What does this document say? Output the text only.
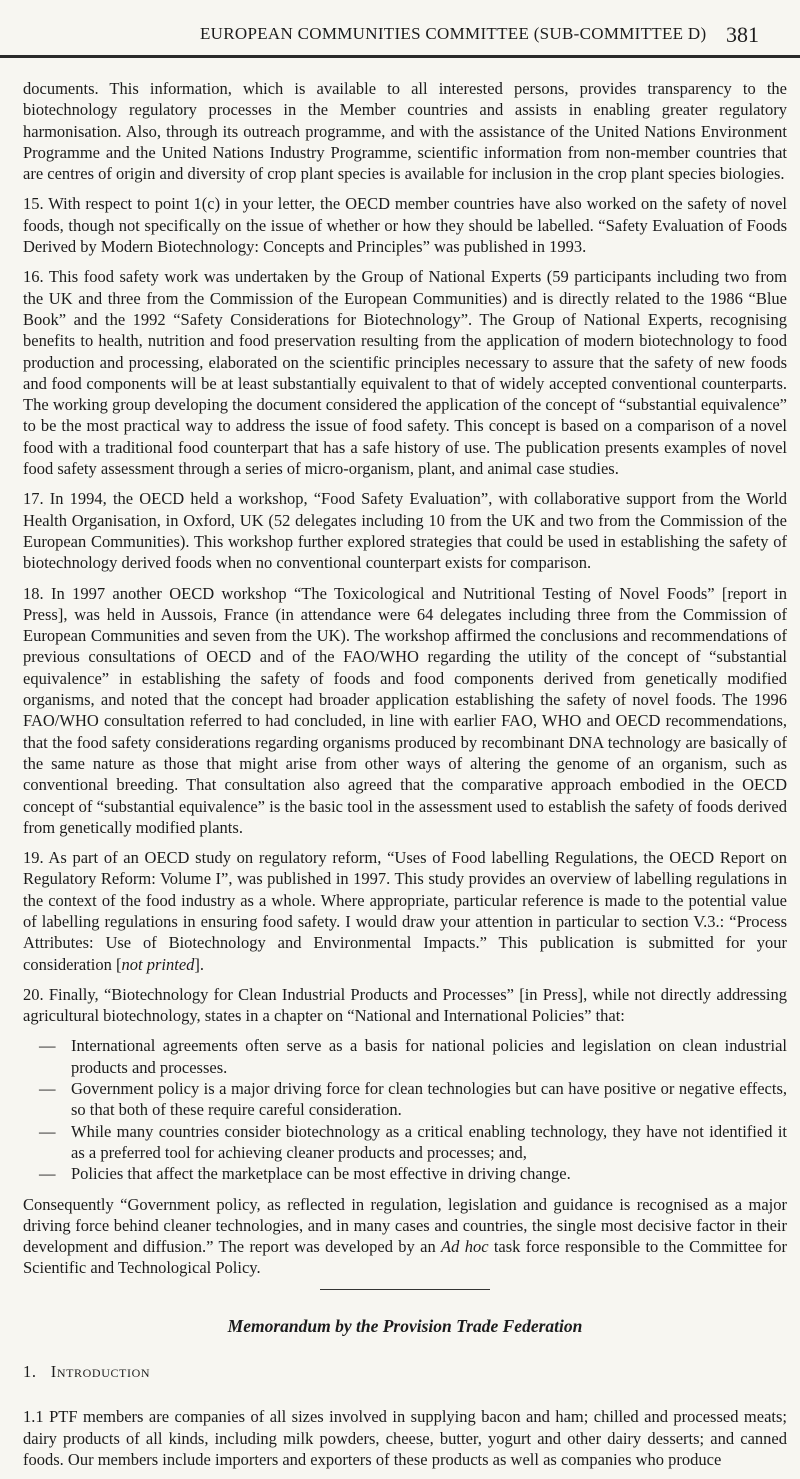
EUROPEAN COMMUNITIES COMMITTEE (SUB-COMMITTEE D) 381

documents. This information, which is available to all interested persons, provides transparency to the biotechnology regulatory processes in the Member countries and assists in enabling greater regulatory harmonisation. Also, through its outreach programme, and with the assistance of the United Nations Environment Programme and the United Nations Industry Programme, scientific information from non-member countries that are centres of origin and diversity of crop plant species is available for inclusion in the crop plant species biologies.

15. With respect to point 1(c) in your letter, the OECD member countries have also worked on the safety of novel foods, though not specifically on the issue of whether or how they should be labelled. “Safety Evaluation of Foods Derived by Modern Biotechnology: Concepts and Principles” was published in 1993.

16. This food safety work was undertaken by the Group of National Experts (59 participants including two from the UK and three from the Commission of the European Communities) and is directly related to the 1986 “Blue Book” and the 1992 “Safety Considerations for Biotechnology”. The Group of National Experts, recognising benefits to health, nutrition and food preservation resulting from the application of modern biotechnology to food production and processing, elaborated on the scientific principles necessary to assure that the safety of new foods and food components will be at least substantially equivalent to that of widely accepted conventional counterparts. The working group developing the document considered the application of the concept of “substantial equivalence” to be the most practical way to address the issue of food safety. This concept is based on a comparison of a novel food with a traditional food counterpart that has a safe history of use. The publication presents examples of novel food safety assessment through a series of micro-organism, plant, and animal case studies.

17. In 1994, the OECD held a workshop, “Food Safety Evaluation”, with collaborative support from the World Health Organisation, in Oxford, UK (52 delegates including 10 from the UK and two from the Commission of the European Communities). This workshop further explored strategies that could be used in establishing the safety of biotechnology derived foods when no conventional counterpart exists for comparison.

18. In 1997 another OECD workshop “The Toxicological and Nutritional Testing of Novel Foods” [report in Press], was held in Aussois, France (in attendance were 64 delegates including three from the Commission of European Communities and seven from the UK). The workshop affirmed the conclusions and recommendations of previous consultations of OECD and of the FAO/WHO regarding the utility of the concept of “substantial equivalence” in establishing the safety of foods and food components derived from genetically modified organisms, and noted that the concept had broader application establishing the safety of novel foods. The 1996 FAO/WHO consultation referred to had concluded, in line with earlier FAO, WHO and OECD recommendations, that the food safety considerations regarding organisms produced by recombinant DNA technology are basically of the same nature as those that might arise from other ways of altering the genome of an organism, such as conventional breeding. That consultation also agreed that the comparative approach embodied in the OECD concept of “substantial equivalence” is the basic tool in the assessment used to establish the safety of foods derived from genetically modified plants.

19. As part of an OECD study on regulatory reform, “Uses of Food labelling Regulations, the OECD Report on Regulatory Reform: Volume I”, was published in 1997. This study provides an overview of labelling regulations in the context of the food industry as a whole. Where appropriate, particular reference is made to the potential value of labelling regulations in ensuring food safety. I would draw your attention in particular to section V.3.: “Process Attributes: Use of Biotechnology and Environmental Impacts.” This publication is submitted for your consideration [not printed].

20. Finally, “Biotechnology for Clean Industrial Products and Processes” [in Press], while not directly addressing agricultural biotechnology, states in a chapter on “National and International Policies” that:

— International agreements often serve as a basis for national policies and legislation on clean industrial products and processes.
— Government policy is a major driving force for clean technologies but can have positive or negative effects, so that both of these require careful consideration.
— While many countries consider biotechnology as a critical enabling technology, they have not identified it as a preferred tool for achieving cleaner products and processes; and,
— Policies that affect the marketplace can be most effective in driving change.

Consequently “Government policy, as reflected in regulation, legislation and guidance is recognised as a major driving force behind cleaner technologies, and in many cases and countries, the single most decisive factor in their development and diffusion.” The report was developed by an Ad hoc task force responsible to the Committee for Scientific and Technological Policy.

Memorandum by the Provision Trade Federation
1. Introduction

1.1 PTF members are companies of all sizes involved in supplying bacon and ham; chilled and processed meats; dairy products of all kinds, including milk powders, cheese, butter, yogurt and other dairy desserts; and canned foods. Our members include importers and exporters of these products as well as companies who produce
